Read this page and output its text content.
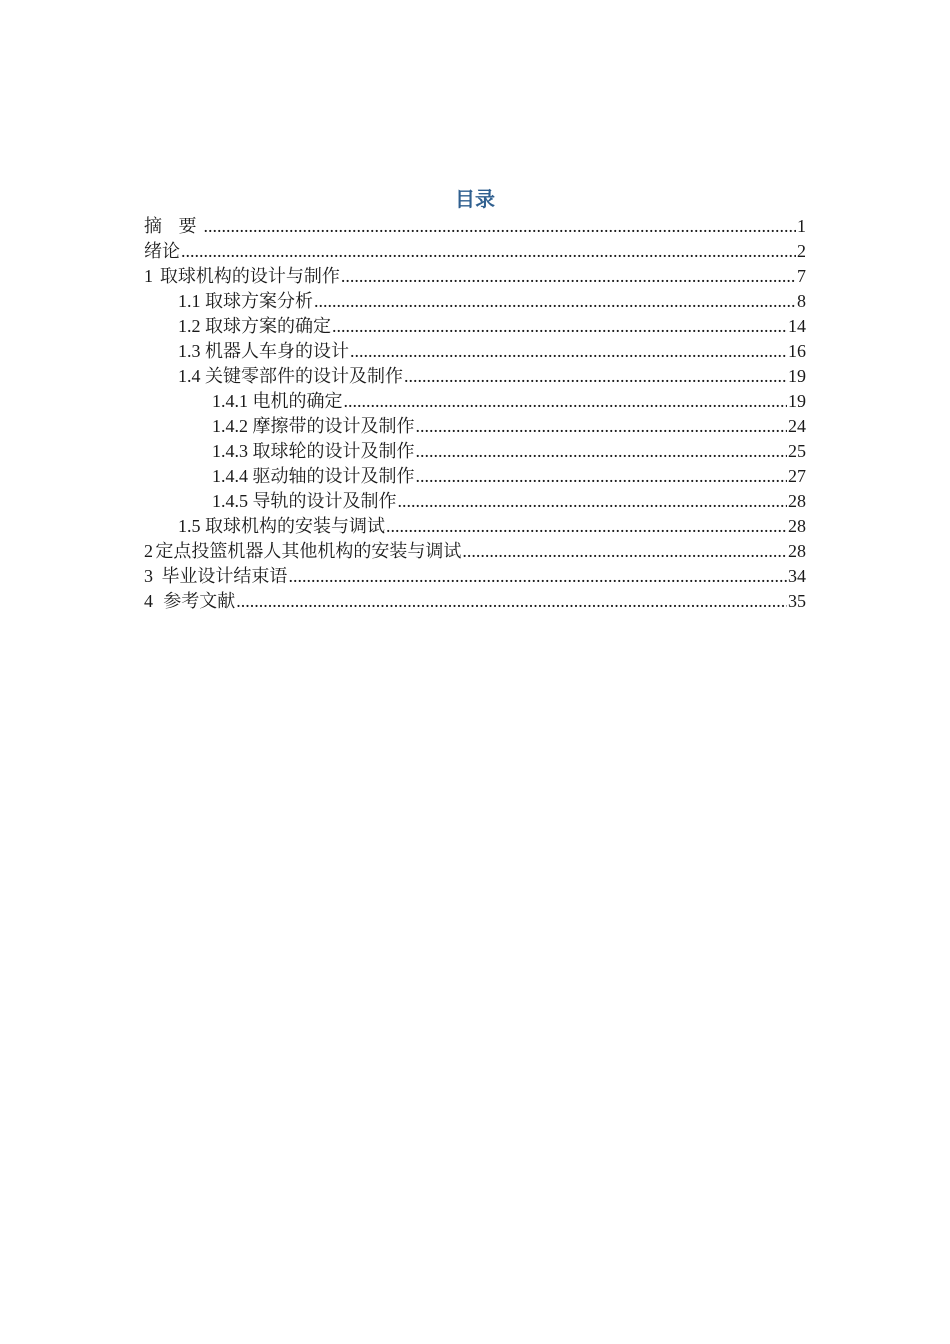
目录
摘 要 .....	1
绪论 .....	2
1 取球机构的设计与制作 .....	7
1.1 取球方案分析 .....	8
1.2 取球方案的确定 .....	14
1.3 机器人车身的设计 .....	16
1.4 关键零部件的设计及制作 .....	19
1.4.1 电机的确定 .....	19
1.4.2 摩擦带的设计及制作 .....	24
1.4.3 取球轮的设计及制作 .....	25
1.4.4 驱动轴的设计及制作 .....	27
1.4.5 导轨的设计及制作 .....	28
1.5 取球机构的安装与调试 .....	28
2 定点投篮机器人其他机构的安装与调试 .....	28
3 毕业设计结束语 .....	34
4 参考文献 .....	35
